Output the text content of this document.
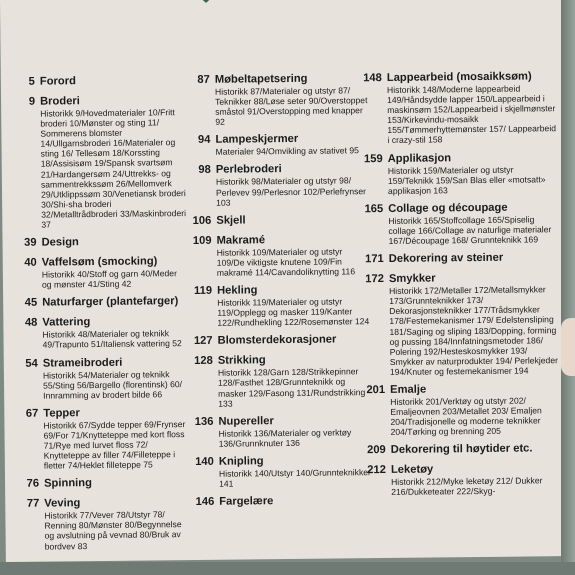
5 Forord
9 Broderi
Historikk 9/Hovedmaterialer 10/Fritt broderi 10/Mønster og sting 11/ Sommerens blomster 14/Ullgarnsbroderi 16/Materialer og sting 16/ Tellesøm 18/Korssting 18/Assisisøm 19/Spansk svartsøm 21/Hardangersøm 24/Uttrekks- og sammentrekkssøm 26/Mellomverk 29/Utklippssøm 30/Venetiansk broderi 30/Shi-sha broderi 32/Metalltrådbroderi 33/Maskinbroderi 37
39 Design
40 Vaffelsøm (smocking)
Historikk 40/Stoff og garn 40/Meder og mønster 41/Sting 42
45 Naturfarger (plantefarger)
48 Vattering
Historikk 48/Materialer og teknikk 49/Trapunto 51/Italiensk vattering 52
54 Strameibroderi
Historikk 54/Materialer og teknikk 55/Sting 56/Bargello (florentinsk) 60/ Innramming av brodert bilde 66
67 Tepper
Historikk 67/Sydde tepper 69/Frynser 69/For 71/Knytteteppe med kort floss 71/Rye med lurvet floss 72/ Knytteteppe av filler 74/Filleteppe i fletter 74/Heklet filleteppe 75
76 Spinning
77 Veving
Historikk 77/Vever 78/Utstyr 78/ Renning 80/Mønster 80/Begynnelse og avslutning på vevnad 80/Bruk av bordvev 83
87 Møbeltapetsering
Historikk 87/Materialer og utstyr 87/ Teknikker 88/Løse seter 90/Overstoppet småstol 91/Overstopping med knapper 92
94 Lampeskjermer
Materialer 94/Omvikling av stativet 95
98 Perlebroderi
Historikk 98/Materialer og utstyr 98/ Perlevev 99/Perlesnor 102/Perlefrynser 103
106 Skjell
109 Makramé
Historikk 109/Materialer og utstyr 109/De viktigste knutene 109/Fin makramé 114/Cavandoliknytting 116
119 Hekling
Historikk 119/Materialer og utstyr 119/Opplegg og masker 119/Kanter 122/Rundhekling 122/Rosemønster 124
127 Blomsterdekorasjoner
128 Strikking
Historikk 128/Garn 128/Strikkepinner 128/Fasthet 128/Grunnteknikk og masker 129/Fasong 131/Rundstrikking 133
136 Nupereller
Historikk 136/Materialer og verktøy 136/Grunnknuter 136
140 Knipling
Historikk 140/Utstyr 140/Grunnteknikker 141
146 Fargelære
148 Lappearbeid (mosaikksøm)
Historikk 148/Moderne lappearbeid 149/Håndsydde lapper 150/Lappearbeid i maskinsøm 152/Lappearbeid i skjellmønster 153/Kirkevindu-mosaikk 155/Tømmerhyttemønster 157/ Lappearbeid i crazy-stil 158
159 Applikasjon
Historikk 159/Materialer og utstyr 159/Teknikk 159/San Blas eller «motsatt» applikasjon 163
165 Collage og découpage
Historikk 165/Stoffcollage 165/Spiselig collage 166/Collage av naturlige materialer 167/Découpage 168/ Grunnteknikk 169
171 Dekorering av steiner
172 Smykker
Historikk 172/Metaller 172/Metallsmykker 173/Grunnteknikker 173/ Dekorasjonsteknikker 177/Trådsmykker 178/Festemekanismer 179/ Edelstensliping 181/Saging og sliping 183/Dopping, forming og pussing 184/Innfatningsmetoder 186/ Polering 192/Hesteskosmykker 193/ Smykker av naturprodukter 194/ Perlekjeder 194/Knuter og festemekanismer 194
201 Emalje
Historikk 201/Verktøy og utstyr 202/ Emaljeovnen 203/Metallet 203/ Emaljen 204/Tradisjonelle og moderne teknikker 204/Tørking og brenning 205
209 Dekorering til høytider etc.
212 Leketøy
Historikk 212/Myke leketøy 212/ Dukker 216/Dukketeater 222/Skyg-
